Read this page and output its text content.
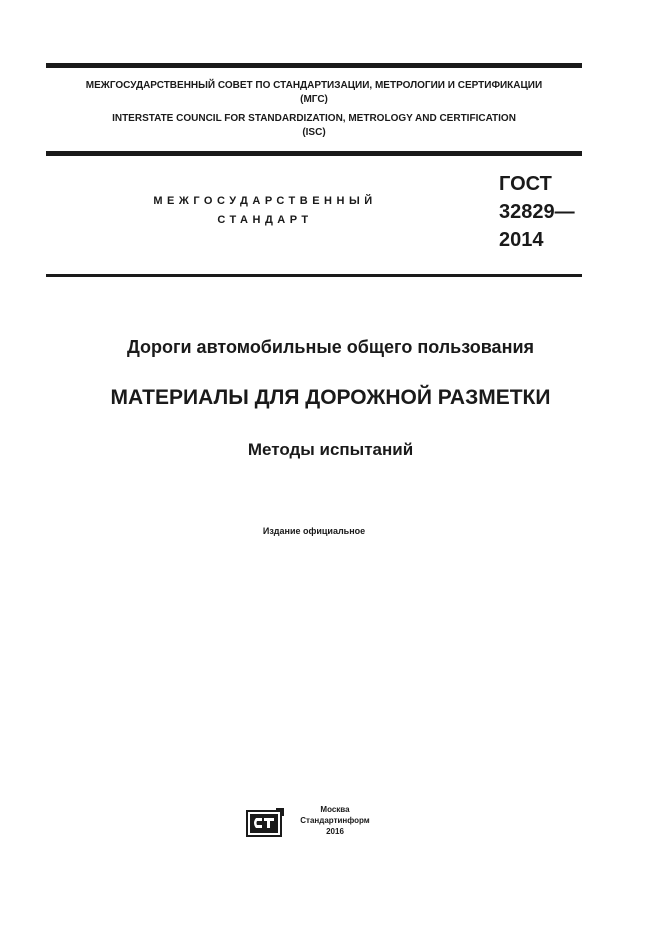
МЕЖГОСУДАРСТВЕННЫЙ СОВЕТ ПО СТАНДАРТИЗАЦИИ, МЕТРОЛОГИИ И СЕРТИФИКАЦИИ
(МГС)
INTERSTATE COUNCIL FOR STANDARDIZATION, METROLOGY AND CERTIFICATION
(ISC)
МЕЖГОСУДАРСТВЕННЫЙ
СТАНДАРТ
ГОСТ
32829—
2014
Дороги автомобильные общего пользования
МАТЕРИАЛЫ ДЛЯ ДОРОЖНОЙ РАЗМЕТКИ
Методы испытаний
Издание официальное
Москва
Стандартинформ
2016
